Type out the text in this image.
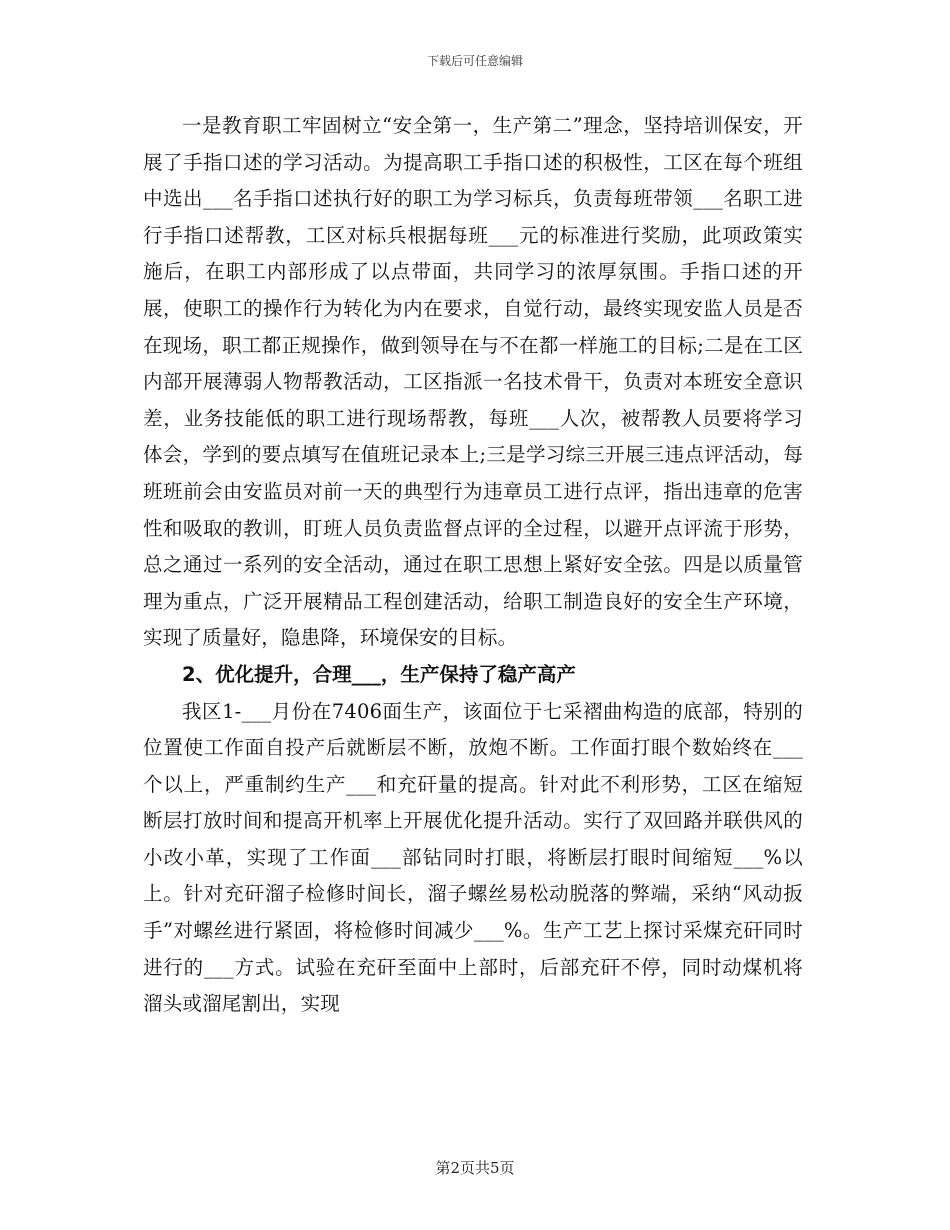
下载后可任意编辑

一是教育职工牢固树立“安全第一，生产第二”理念，坚持培训保安，开展了手指口述的学习活动。为提高职工手指口述的积极性，工区在每个班组中选出___名手指口述执行好的职工为学习标兵，负责每班带领___名职工进行手指口述帮教，工区对标兵根据每班___元的标准进行奖励，此项政策实施后，在职工内部形成了以点带面，共同学习的浓厚氛围。手指口述的开展，使职工的操作行为转化为内在要求，自觉行动，最终实现安监人员是否在现场，职工都正规操作，做到领导在与不在都一样施工的目标;二是在工区内部开展薄弱人物帮教活动，工区指派一名技术骨干，负责对本班安全意识差，业务技能低的职工进行现场帮教，每班___人次，被帮教人员要将学习体会，学到的要点填写在值班记录本上;三是学习综三开展三违点评活动，每班班前会由安监员对前一天的典型行为违章员工进行点评，指出违章的危害性和吸取的教训，盯班人员负责监督点评的全过程，以避开点评流于形势，总之通过一系列的安全活动，通过在职工思想上紧好安全弦。四是以质量管理为重点，广泛开展精品工程创建活动，给职工制造良好的安全生产环境，实现了质量好，隐患降，环境保安的目标。

2、优化提升，合理___，生产保持了稳产高产

我区1-___月份在7406面生产，该面位于七采褶曲构造的底部，特别的位置使工作面自投产后就断层不断，放炮不断。工作面打眼个数始终在___个以上，严重制约生产___和充矸量的提高。针对此不利形势，工区在缩短断层打放时间和提高开机率上开展优化提升活动。实行了双回路并联供风的小改小革，实现了工作面___部钻同时打眼，将断层打眼时间缩短___%以上。针对充矸溜子检修时间长，溜子螺丝易松动脱落的弊端，采纳“风动扳手”对螺丝进行紧固，将检修时间减少___%。生产工艺上探讨采煤充矸同时进行的___方式。试验在充矸至面中上部时，后部充矸不停，同时动煤机将溜头或溜尾割出，实现

第2页共5页
